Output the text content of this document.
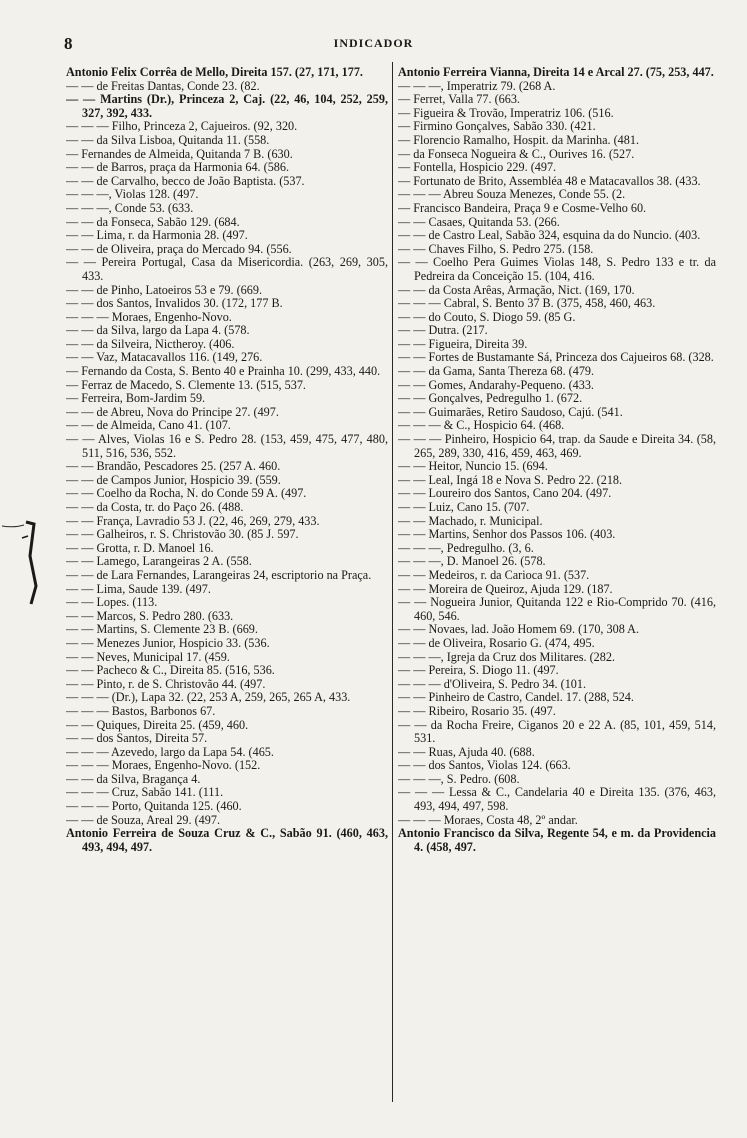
8	INDICADOR
Antonio Felix Corrêa de Mello, Direita 157. (27, 171, 177.
— — de Freitas Dantas, Conde 23. (82.
— — Martins (Dr.), Princeza 2, Caj. (22, 46, 104, 252, 259, 327, 392, 433.
— — — Filho, Princeza 2, Cajueiros. (92, 320.
— — da Silva Lisboa, Quitanda 11. (558.
— Fernandes de Almeida, Quitanda 7 B. (630.
— — de Barros, praça da Harmonia 64. (586.
— — de Carvalho, becco de João Baptista. (537.
— — —, Violas 128. (497.
— — —, Conde 53. (633.
— — da Fonseca, Sabão 129. (684.
— — Lima, r. da Harmonia 28. (497.
— — de Oliveira, praça do Mercado 94. (556.
— — Pereira Portugal, Casa da Misericordia. (263, 269, 305, 433.
— — de Pinho, Latoeiros 53 e 79. (669.
— — dos Santos, Invalidos 30. (172, 177 B.
— — — Moraes, Engenho-Novo.
— — da Silva, largo da Lapa 4. (578.
— — da Silveira, Nictheroy. (406.
— — Vaz, Matacavallos 116. (149, 276.
— Fernando da Costa, S. Bento 40 e Prainha 10. (299, 433, 440.
— Ferraz de Macedo, S. Clemente 13. (515, 537.
— Ferreira, Bom-Jardim 59.
— — de Abreu, Nova do Principe 27. (497.
— — de Almeida, Cano 41. (107.
— — Alves, Violas 16 e S. Pedro 28. (153, 459, 475, 477, 480, 511, 516, 536, 552.
— — Brandão, Pescadores 25. (257 A. 460.
— — de Campos Junior, Hospicio 39. (559.
— — Coelho da Rocha, N. do Conde 59 A. (497.
— — da Costa, tr. do Paço 26. (488.
— — França, Lavradio 53 J. (22, 46, 269, 279, 433.
— — Galheiros, r. S. Christovão 30. (85 J. 597.
— — Grotta, r. D. Manoel 16.
— — Lamego, Larangeiras 2 A. (558.
— — de Lara Fernandes, Larangeiras 24, escriptorio na Praça.
— — Lima, Saude 139. (497.
— — Lopes. (113.
— — Marcos, S. Pedro 280. (633.
— — Martins, S. Clemente 23 B. (669.
— — Menezes Junior, Hospicio 33. (536.
— — Neves, Municipal 17. (459.
— — Pacheco & C., Direita 85. (516, 536.
— — Pinto, r. de S. Christovão 44. (497.
— — — (Dr.), Lapa 32. (22, 253 A, 259, 265, 265 A, 433.
— — — Bastos, Barbonos 67.
— — Quiques, Direita 25. (459, 460.
— — dos Santos, Direita 57.
— — — Azevedo, largo da Lapa 54. (465.
— — — Moraes, Engenho-Novo. (152.
— — da Silva, Bragança 4.
— — — Cruz, Sabão 141. (111.
— — — Porto, Quitanda 125. (460.
— — de Souza, Areal 29. (497.
Antonio Ferreira de Souza Cruz & C., Sabão 91. (460, 463, 493, 494, 497.
Antonio Ferreira Vianna, Direita 14 e Arcal 27. (75, 253, 447.
— — —, Imperatriz 79. (268 A.
— Ferret, Valla 77. (663.
— Figueira & Trovão, Imperatriz 106. (516.
— Firmino Gonçalves, Sabão 330. (421.
— Florencio Ramalho, Hospit. da Marinha. (481.
— da Fonseca Nogueira & C., Ourives 16. (527.
— Fontella, Hospicio 229. (497.
— Fortunato de Brito, Assembléa 48 e Matacavallos 38. (433.
— — — Abreu Souza Menezes, Conde 55. (2.
— Francisco Bandeira, Praça 9 e Cosme-Velho 60.
— — Casaes, Quitanda 53. (266.
— — de Castro Leal, Sabão 324, esquina da do Nuncio. (403.
— — Chaves Filho, S. Pedro 275. (158.
— — Coelho Pera Guimes Violas 148, S. Pedro 133 e tr. da Pedreira da Conceição 15. (104, 416.
— — da Costa Arêas, Armação, Nict. (169, 170.
— — — Cabral, S. Bento 37 B. (375, 458, 460, 463.
— — do Couto, S. Diogo 59. (85 G.
— — Dutra. (217.
— — Figueira, Direita 39.
— — Fortes de Bustamante Sá, Princeza dos Cajueiros 68. (328.
— — da Gama, Santa Thereza 68. (479.
— — Gomes, Andarahy-Pequeno. (433.
— — Gonçalves, Pedregulho 1. (672.
— — Guimarães, Retiro Saudoso, Cajú. (541.
— — — & C., Hospicio 64. (468.
— — — Pinheiro, Hospicio 64, trap. da Saude e Direita 34. (58, 265, 289, 330, 416, 459, 463, 469.
— — Heitor, Nuncio 15. (694.
— — Leal, Ingá 18 e Nova S. Pedro 22. (218.
— — Loureiro dos Santos, Cano 204. (497.
— — Luiz, Cano 15. (707.
— — Machado, r. Municipal.
— — Martins, Senhor dos Passos 106. (403.
— — —, Pedregulho. (3, 6.
— — —, D. Manoel 26. (578.
— — Medeiros, r. da Carioca 91. (537.
— — Moreira de Queiroz, Ajuda 129. (187.
— — Nogueira Junior, Quitanda 122 e Rio-Comprido 70. (416, 460, 546.
— — Novaes, lad. João Homem 69. (170, 308 A.
— — de Oliveira, Rosario G. (474, 495.
— — —, Igreja da Cruz dos Militares. (282.
— — Pereira, S. Diogo 11. (497.
— — — d'Oliveira, S. Pedro 34. (101.
— — Pinheiro de Castro, Candel. 17. (288, 524.
— — Ribeiro, Rosario 35. (497.
— — da Rocha Freire, Ciganos 20 e 22 A. (85, 101, 459, 514, 531.
— — Ruas, Ajuda 40. (688.
— — dos Santos, Violas 124. (663.
— — —, S. Pedro. (608.
— — — Lessa & C., Candelaria 40 e Direita 135. (376, 463, 493, 494, 497, 598.
— — — Moraes, Costa 48, 2º andar.
Antonio Francisco da Silva, Regente 54, e m. da Providencia 4. (458, 497.
